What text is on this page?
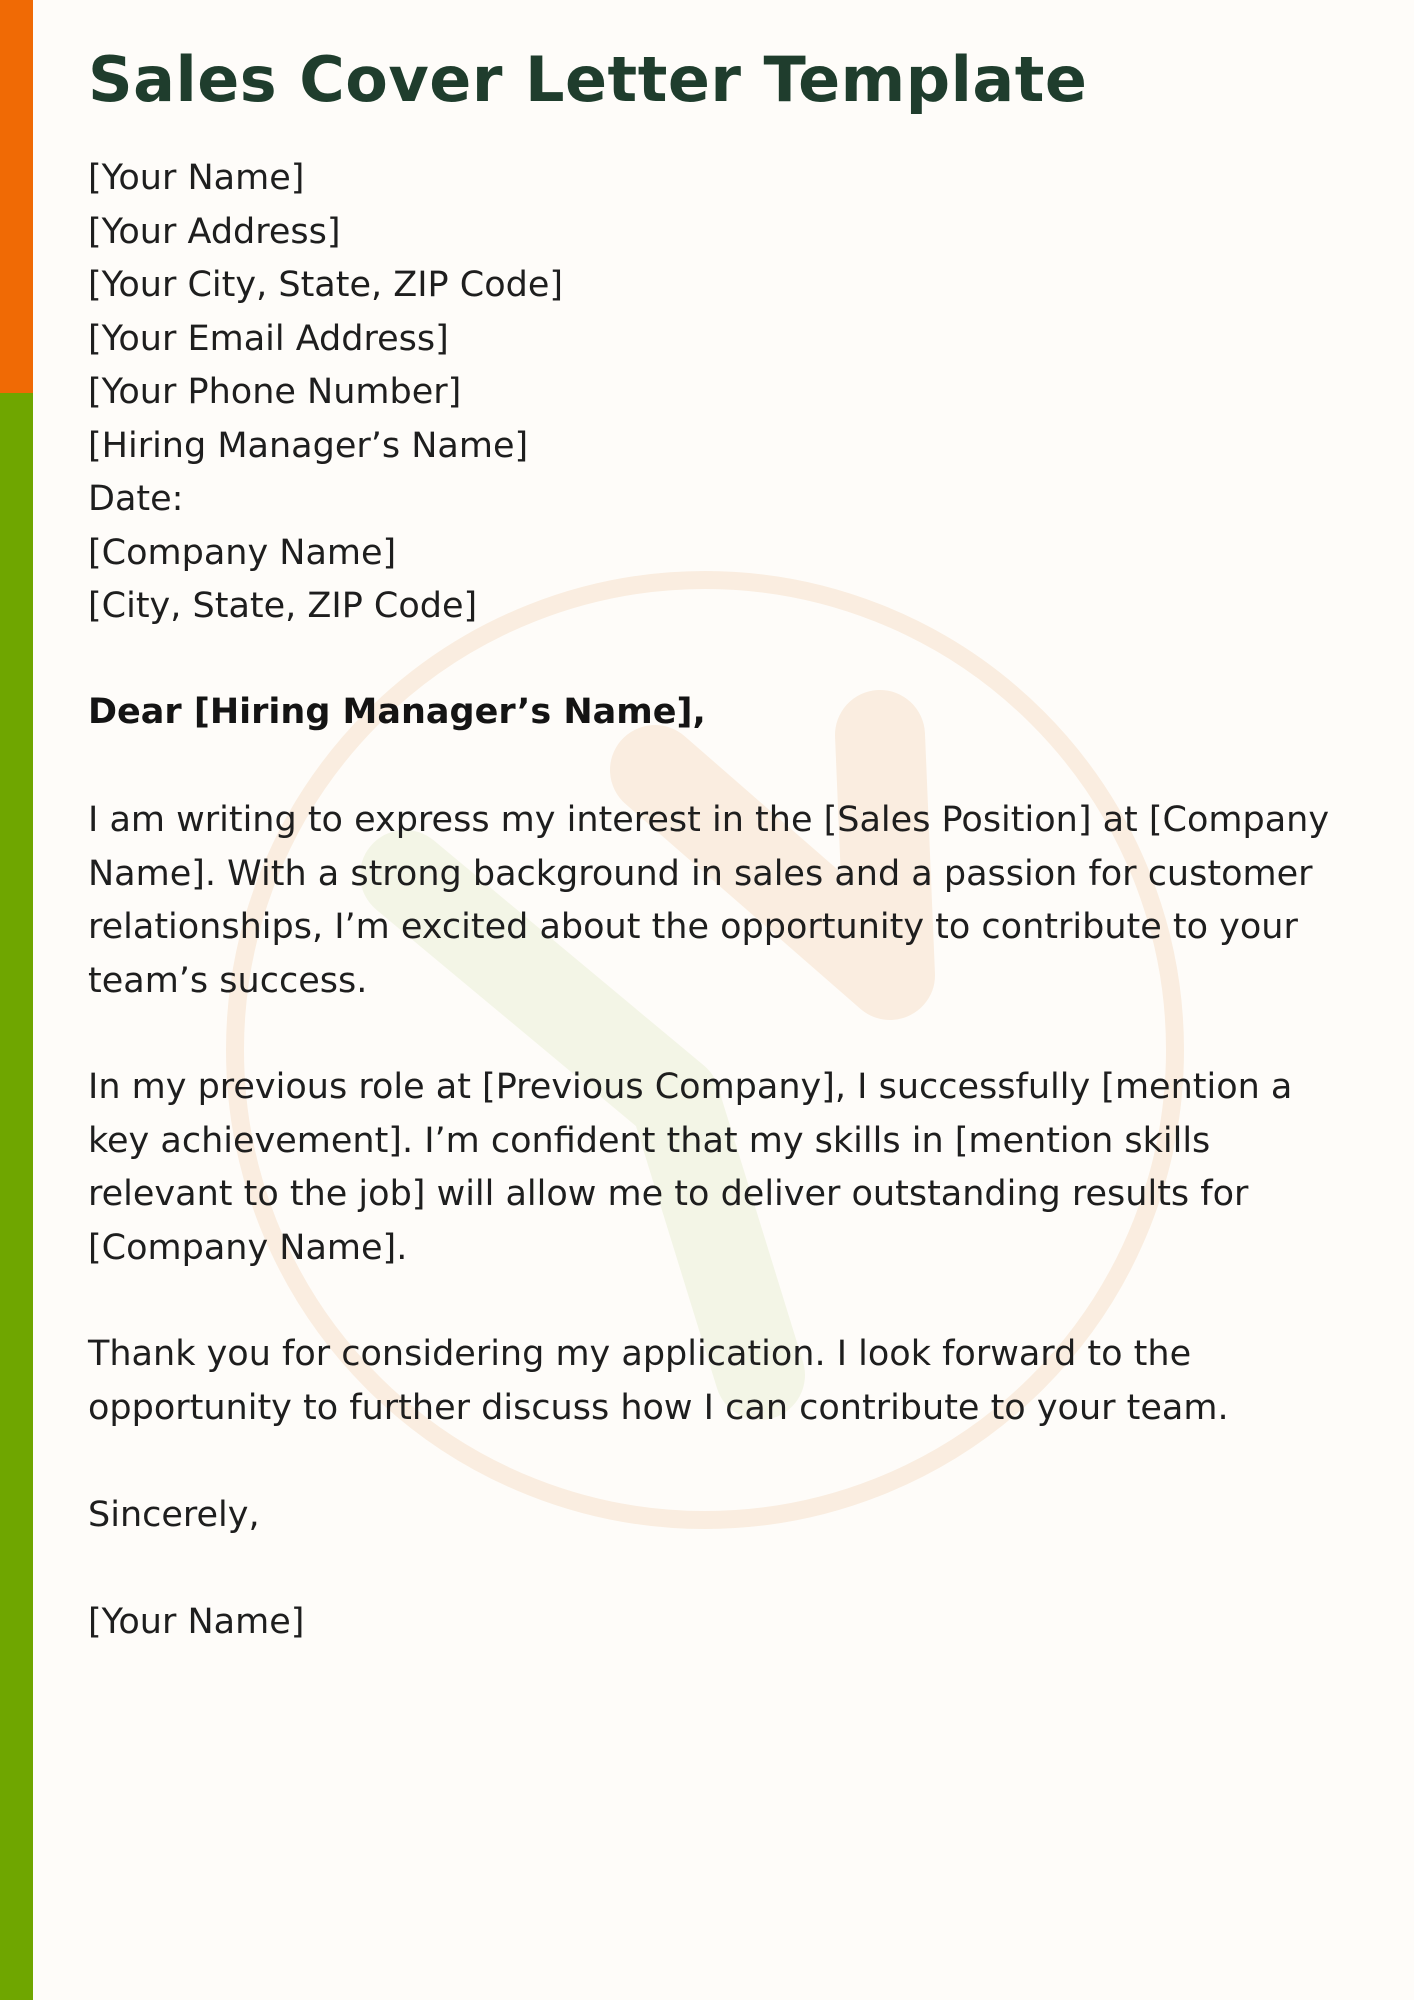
Sales Cover Letter Template
[Your Name]
[Your Address]
[Your City, State, ZIP Code]
[Your Email Address]
[Your Phone Number]
[Hiring Manager’s Name]
Date:
[Company Name]
[City, State, ZIP Code]
Dear [Hiring Manager’s Name],
I am writing to express my interest in the [Sales Position] at [Company
Name]. With a strong background in sales and a passion for customer
relationships, I’m excited about the opportunity to contribute to your
team’s success.
In my previous role at [Previous Company], I successfully [mention a
key achievement]. I’m confident that my skills in [mention skills
relevant to the job] will allow me to deliver outstanding results for
[Company Name].
Thank you for considering my application. I look forward to the
opportunity to further discuss how I can contribute to your team.
Sincerely,
[Your Name]
